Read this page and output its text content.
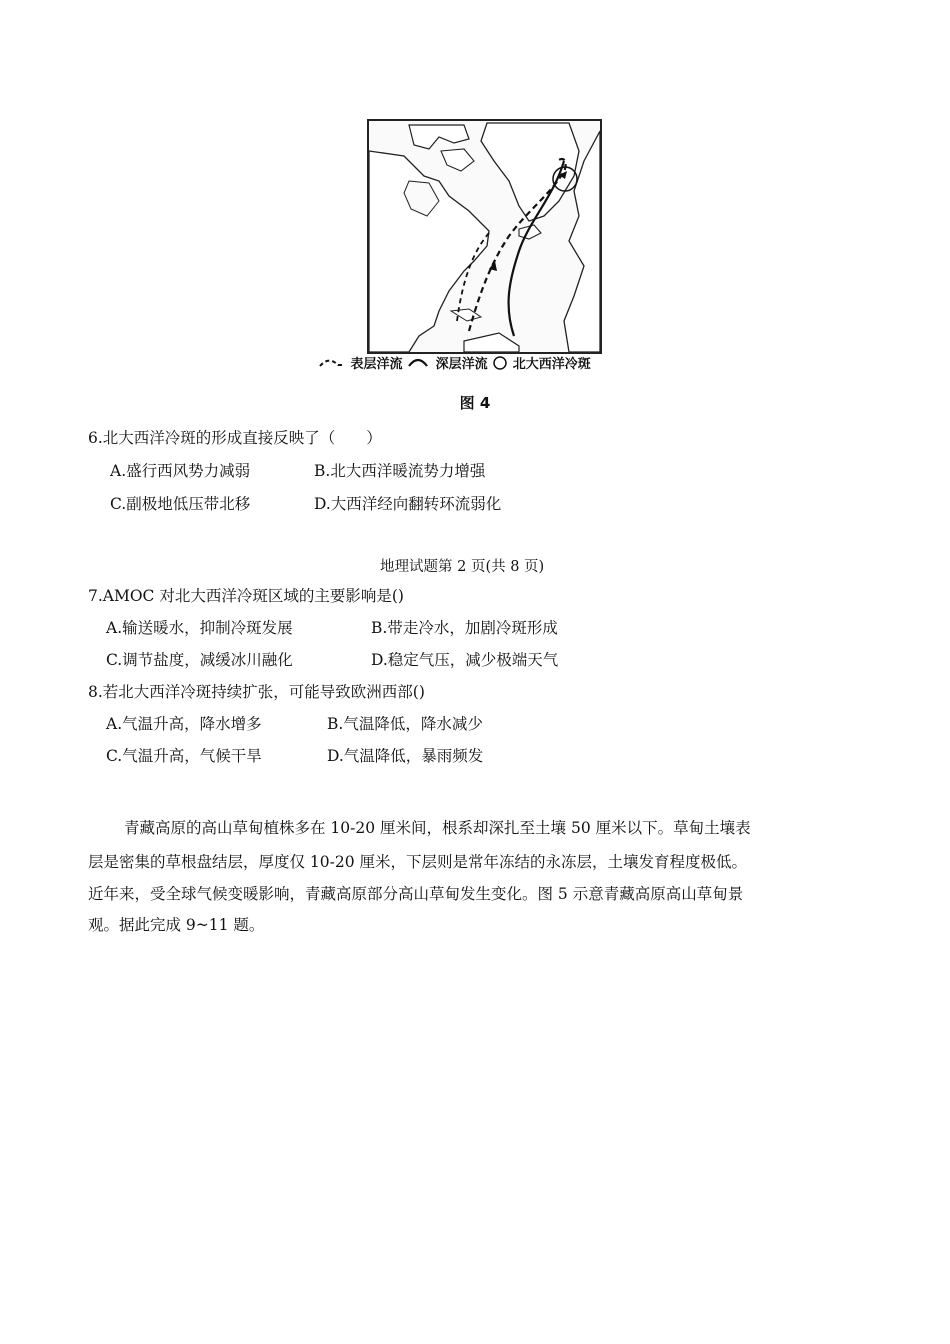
表层洋流	深层洋流 北大西洋冷斑
图 4
6.北大西洋冷斑的形成直接反映了（　　）
A.盛行西风势力减弱	B.北大西洋暖流势力增强
C.副极地低压带北移	D.大西洋经向翻转环流弱化
地理试题第 2 页(共 8 页)
7.AMOC 对北大西洋冷斑区域的主要影响是()
A.输送暖水，抑制冷斑发展	B.带走冷水，加剧冷斑形成
C.调节盐度，减缓冰川融化	D.稳定气压，减少极端天气
8.若北大西洋冷斑持续扩张，可能导致欧洲西部()
A.气温升高，降水增多	B.气温降低，降水减少
C.气温升高，气候干旱	D.气温降低，暴雨频发
青藏高原的高山草甸植株多在 10-20 厘米间，根系却深扎至土壤 50 厘米以下。草甸土壤表
层是密集的草根盘结层，厚度仅 10-20 厘米，下层则是常年冻结的永冻层，土壤发育程度极低。
近年来，受全球气候变暖影响，青藏高原部分高山草甸发生变化。图 5 示意青藏高原高山草甸景
观。据此完成 9~11 题。
